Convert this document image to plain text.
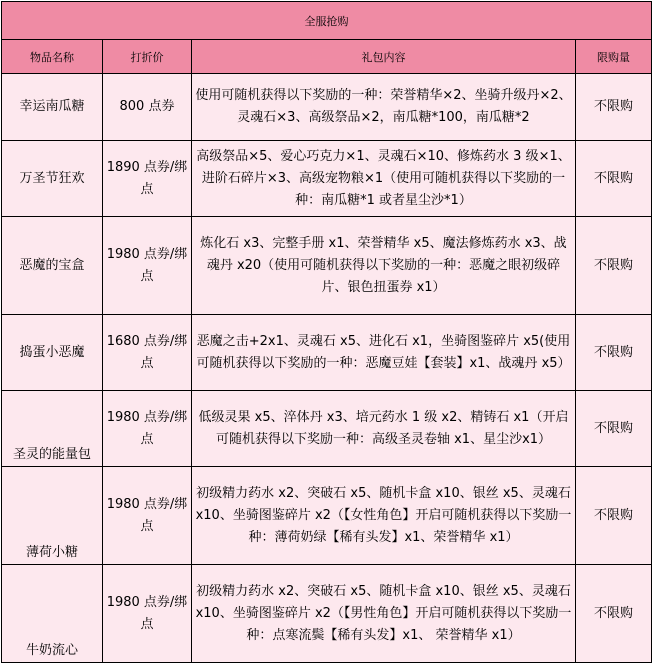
全服抢购			
物品名称	打折价	礼包内容	限购量
幸运南瓜糖	800 点券	使用可随机获得以下奖励的一种：荣誉精华×2、坐骑升级丹×2、灵魂石×3、高级祭品×2，南瓜糖*100，南瓜糖*2	不限购
万圣节狂欢	1890 点券/绑点	高级祭品×5、爱心巧克力×1、灵魂石×10、修炼药水 3 级×1、进阶石碎片×3、高级宠物粮×1（使用可随机获得以下奖励的一种：南瓜糖*1 或者星尘沙*1）	不限购
恶魔的宝盒	1980 点券/绑点	炼化石 x3、完整手册 x1、荣誉精华 x5、魔法修炼药水 x3、战魂丹 x20（使用可随机获得以下奖励的一种：恶魔之眼初级碎片、银色扭蛋券 x1）	不限购
捣蛋小恶魔	1680 点券/绑点	恶魔之击+2x1、灵魂石 x5、进化石 x1，坐骑图鉴碎片 x5(使用可随机获得以下奖励的一种：恶魔豆娃【套装】x1、战魂丹 x5）	不限购
圣灵的能量包	1980 点券/绑点	低级灵果 x5、淬体丹 x3、培元药水 1 级 x2、精铸石 x1（开启可随机获得以下奖励一种：高级圣灵卷轴 x1、星尘沙x1）	不限购
薄荷小糖	1980 点券/绑点	初级精力药水 x2、突破石 x5、随机卡盒 x10、银丝 x5、灵魂石 x10、坐骑图鉴碎片 x2（【女性角色】开启可随机获得以下奖励一种：薄荷奶绿【稀有头发】x1、荣誉精华 x1）	不限购
牛奶流心	1980 点券/绑点	初级精力药水 x2、突破石 x5、随机卡盒 x10、银丝 x5、灵魂石 x10、坐骑图鉴碎片 x2（【男性角色】开启可随机获得以下奖励一种：点寒流鬓【稀有头发】x1、 荣誉精华 x1）	不限购
